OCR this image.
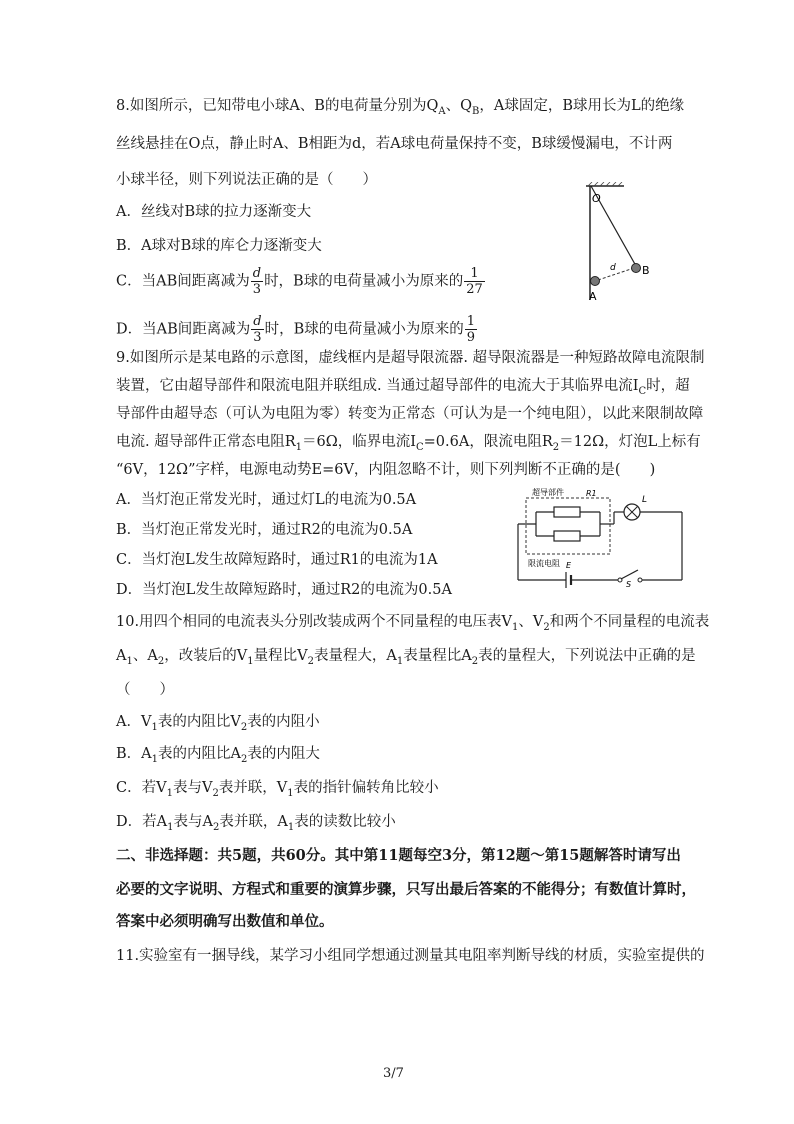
8.如图所示，已知带电小球A、B的电荷量分别为$Q_A$、$Q_B$，A球固定，B球用长为L的绝缘
丝线悬挂在O点，静止时A、B相距为d，若A球电荷量保持不变，B球缓慢漏电，不计两
小球半径，则下列说法正确的是（　　）
A．丝线对B球的拉力逐渐变大
B．A球对B球的库仑力逐渐变大
C．当AB间距离减为 $\frac{d}{3}$ 时，B球的电荷量减小为原来的 $\frac{1}{27}$
D．当AB间距离减为 $\frac{d}{3}$ 时，B球的电荷量减小为原来的 $\frac{1}{9}$
O
B
A
d
9.如图所示是某电路的示意图，虚线框内是超导限流器. 超导限流器是一种短路故障电流限制
装置，它由超导部件和限流电阻并联组成. 当通过超导部件的电流大于其临界电流$I_C$时，超
导部件由超导态（可认为电阻为零）转变为正常态（可认为是一个纯电阻），以此来限制故障
电流. 超导部件正常态电阻$R_1=6\Omega$，临界电流$I_C=0.6A$，限流电阻$R_2=12\Omega$，灯泡L上标有
“6V，12Ω”字样，电源电动势E=6V，内阻忽略不计，则下列判断不正确的是(　　)
A．当灯泡正常发光时，通过灯L的电流为0.5A
B．当灯泡正常发光时，通过R2的电流为0.5A
C．当灯泡L发生故障短路时，通过R1的电流为1A
D．当灯泡L发生故障短路时，通过R2的电流为0.5A
超导部件	R1
限流电阻
L
E
S
10.用四个相同的电流表头分别改装成两个不同量程的电压表$V_1$、$V_2$和两个不同量程的电流表
$A_1$、$A_2$，改装后的$V_1$量程比$V_2$表量程大，$A_1$表量程比$A_2$表的量程大，下列说法中正确的是
（　　）
A．$V_1$表的内阻比$V_2$表的内阻小
B．$A_1$表的内阻比$A_2$表的内阻大
C．若$V_1$表与$V_2$表并联，$V_1$表的指针偏转角比较小
D．若$A_1$表与$A_2$表并联，$A_1$表的读数比较小
二、非选择题：共5题，共60分。其中第11题每空3分，第12题～第15题解答时请写出
必要的文字说明、方程式和重要的演算步骤，只写出最后答案的不能得分；有数值计算时，
答案中必须明确写出数值和单位。
11.实验室有一捆导线，某学习小组同学想通过测量其电阻率判断导线的材质，实验室提供的
3/7
